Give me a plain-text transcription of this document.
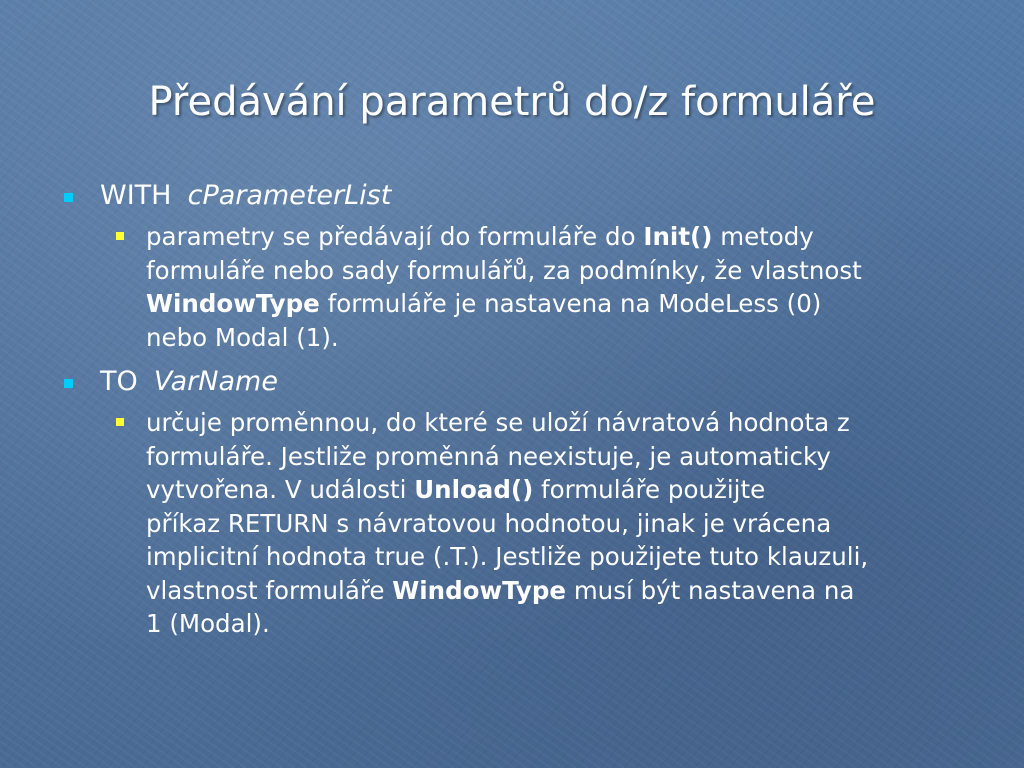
Předávání parametrů do/z formuláře
WITH cParameterList
parametry se předávají do formuláře do Init() metody
formuláře nebo sady formulářů, za podmínky, že vlastnost
WindowType formuláře je nastavena na ModeLess (0)
nebo Modal (1).
TO VarName
určuje proměnnou, do které se uloží návratová hodnota z
formuláře. Jestliže proměnná neexistuje, je automaticky
vytvořena. V události Unload() formuláře použijte
příkaz RETURN s návratovou hodnotou, jinak je vrácena
implicitní hodnota true (.T.). Jestliže použijete tuto klauzuli,
vlastnost formuláře WindowType musí být nastavena na
1 (Modal).
